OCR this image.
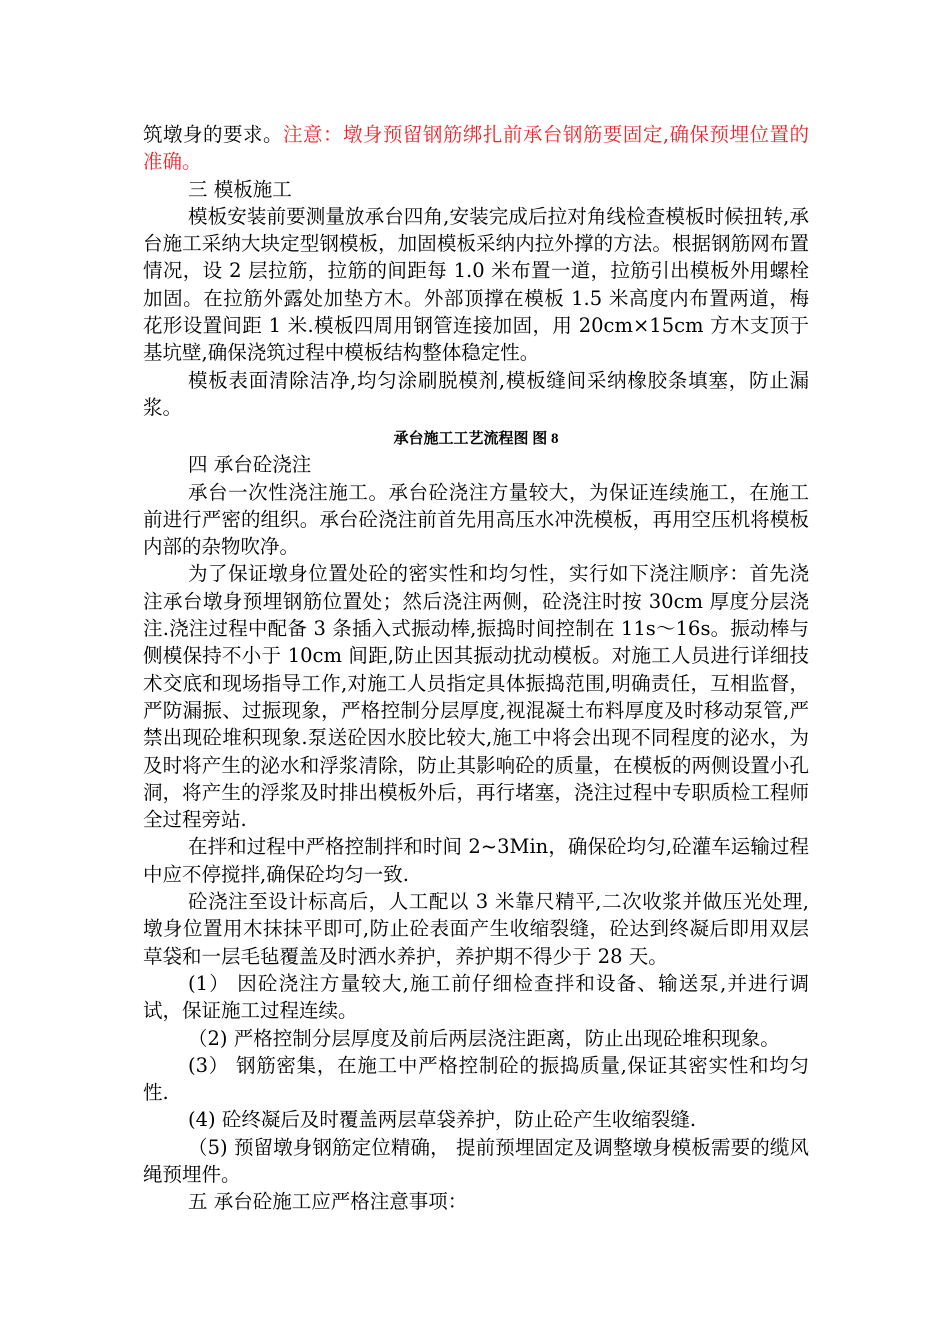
筑墩身的要求。注意：墩身预留钢筋绑扎前承台钢筋要固定,确保预埋位置的准确。

三 模板施工

模板安装前要测量放承台四角,安装完成后拉对角线检查模板时候扭转,承台施工采纳大块定型钢模板，加固模板采纳内拉外撑的方法。根据钢筋网布置情况，设 2 层拉筋，拉筋的间距每 1.0 米布置一道，拉筋引出模板外用螺栓加固。在拉筋外露处加垫方木。外部顶撑在模板 1.5 米高度内布置两道，梅花形设置间距 1 米.模板四周用钢管连接加固，用 20cm×15cm 方木支顶于基坑壁,确保浇筑过程中模板结构整体稳定性。

模板表面清除洁净,均匀涂刷脱模剂,模板缝间采纳橡胶条填塞，防止漏浆。

承台施工工艺流程图 图 8

四 承台砼浇注

承台一次性浇注施工。承台砼浇注方量较大，为保证连续施工，在施工前进行严密的组织。承台砼浇注前首先用高压水冲洗模板，再用空压机将模板内部的杂物吹净。

为了保证墩身位置处砼的密实性和均匀性，实行如下浇注顺序：首先浇注承台墩身预埋钢筋位置处；然后浇注两侧，砼浇注时按 30cm 厚度分层浇注.浇注过程中配备 3 条插入式振动棒,振捣时间控制在 11s～16s。振动棒与侧模保持不小于 10cm 间距,防止因其振动扰动模板。对施工人员进行详细技术交底和现场指导工作,对施工人员指定具体振捣范围,明确责任，互相监督，严防漏振、过振现象，严格控制分层厚度,视混凝土布料厚度及时移动泵管,严禁出现砼堆积现象.泵送砼因水胶比较大,施工中将会出现不同程度的泌水，为及时将产生的泌水和浮浆清除，防止其影响砼的质量，在模板的两侧设置小孔洞，将产生的浮浆及时排出模板外后，再行堵塞，浇注过程中专职质检工程师全过程旁站.

在拌和过程中严格控制拌和时间 2~3Min，确保砼均匀,砼灌车运输过程中应不停搅拌,确保砼均匀一致.

砼浇注至设计标高后，人工配以 3 米靠尺精平,二次收浆并做压光处理,墩身位置用木抹抹平即可,防止砼表面产生收缩裂缝，砼达到终凝后即用双层草袋和一层毛毡覆盖及时洒水养护，养护期不得少于 28 天。

(1） 因砼浇注方量较大,施工前仔细检查拌和设备、输送泵,并进行调试，保证施工过程连续。

（2) 严格控制分层厚度及前后两层浇注距离，防止出现砼堆积现象。

(3） 钢筋密集，在施工中严格控制砼的振捣质量,保证其密实性和均匀性.

(4) 砼终凝后及时覆盖两层草袋养护，防止砼产生收缩裂缝.

（5) 预留墩身钢筋定位精确， 提前预埋固定及调整墩身模板需要的缆风绳预埋件。

五 承台砼施工应严格注意事项：
